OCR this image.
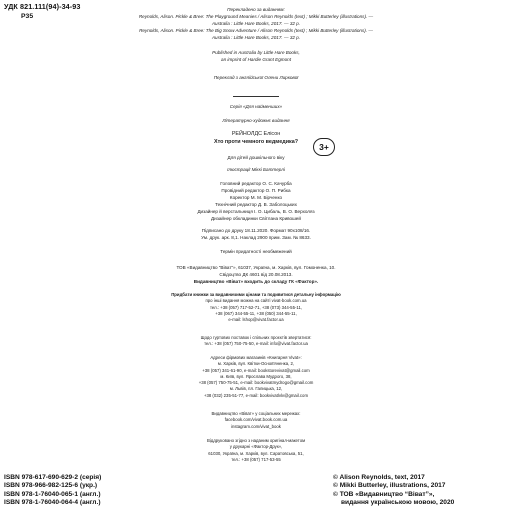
УДК 821.111(94)-34-93
Р35
Перекладено за виданням:
Reynolds, Alison. Pickle & Bree: The Playground Meanies / Alison Reynolds (text) ; Mikki Butterley (illustrations). —
Australia : Little Hare Books, 2017. — 32 p.
Reynolds, Alison. Pickle & Bree: The Big Snow Adventure / Alison Reynolds (text) ; Mikki Butterley (illustrations). —
Australia : Little Hare Books, 2017. — 32 p.
Published in Australia by Little Hare Books,
an imprint of Hardie Grant Egmont
Переклад з англійської Олени Лиркової
Серія «Для найменших»
Літературно-художнє видання
РЕЙНОЛДС Елісон
Хто проти чемного ведмедика?
3+
Для дітей дошкільного віку
Ілюстрації Міккі Баттерлі
Головний редактор О. С. Качурба
Провідний редактор О. П. Рибка
Коректор М. М. Бірченко
Технічний редактор Д. В. Заболоцьких
Дизайнер й верстальниця І. О. Цибаль, В. О. Верхоляз
Дизайнер обкладинки Світлана Кривошей
Підписано до друку 18.11.2020. Формат 90х108/16.
Ум. друк. арк. 8,1. Наклад 2900 прим. Зам. № 8633.
Термін придатності необмежений
ТОВ «Видавництво “Віват”», 61037, Україна, м. Харків, вул. Гомоненка, 10.
Свідоцтво ДК 4601 від 20.08.2013.
Видавництво «Віват» входить до складу ГК «Фактор».
Придбати книжки за видавничими цінами та подивитися детальну інформацію
про інші видання можна на сайті vivat-book.com.ua
тел.: +38 (057) 717-52-71, +38 (073) 344-55-11,
+38 (067) 344-55-11, +38 (050) 344-55-11,
e-mail: lshop@vivat.factor.ua
Щодо гуртових поставок і спільних проєктів звертатися:
тел.: +38 (057) 750-75-50, e-mail: info@vivat.factor.ua
Адреси фірмових магазинів «Книгарня Vivat»:
м. Харків, вул. Квітки-Основ'яненка, 2,
+38 (057) 341-61-90, e-mail: bookstorevivat@gmail.com
м. Київ, вул. Ярослава Мудрого, 38,
+38 (057) 750-75-51, e-mail: bookvivatmydrogo@gmail.com
м. Львів, пл. Галицька, 12,
+38 (032) 235-51-77, e-mail: bookvivatlvlv@gmail.com
Видавництво «Віват» у соціальних мережах:
facebook.com/vivat.book.com.ua
instagram.com/vivat_book
Віддруковано згідно з наданим оригінал-макетом
у друкарні «Фактор-Друк»,
61030, Україна, м. Харків, вул. Саратовська, 51,
тел.: +38 (057) 717-53-55
ISBN 978-617-690-629-2 (серія)
ISBN 978-966-982-125-6 (укр.)
ISBN 978-1-76040-065-1 (англ.)
ISBN 978-1-76040-064-4 (англ.)
© Alison Reynolds, text, 2017
© Mikki Butterley, illustrations, 2017
© ТОВ «Видавництво “Віват”»,
видання українською мовою, 2020
